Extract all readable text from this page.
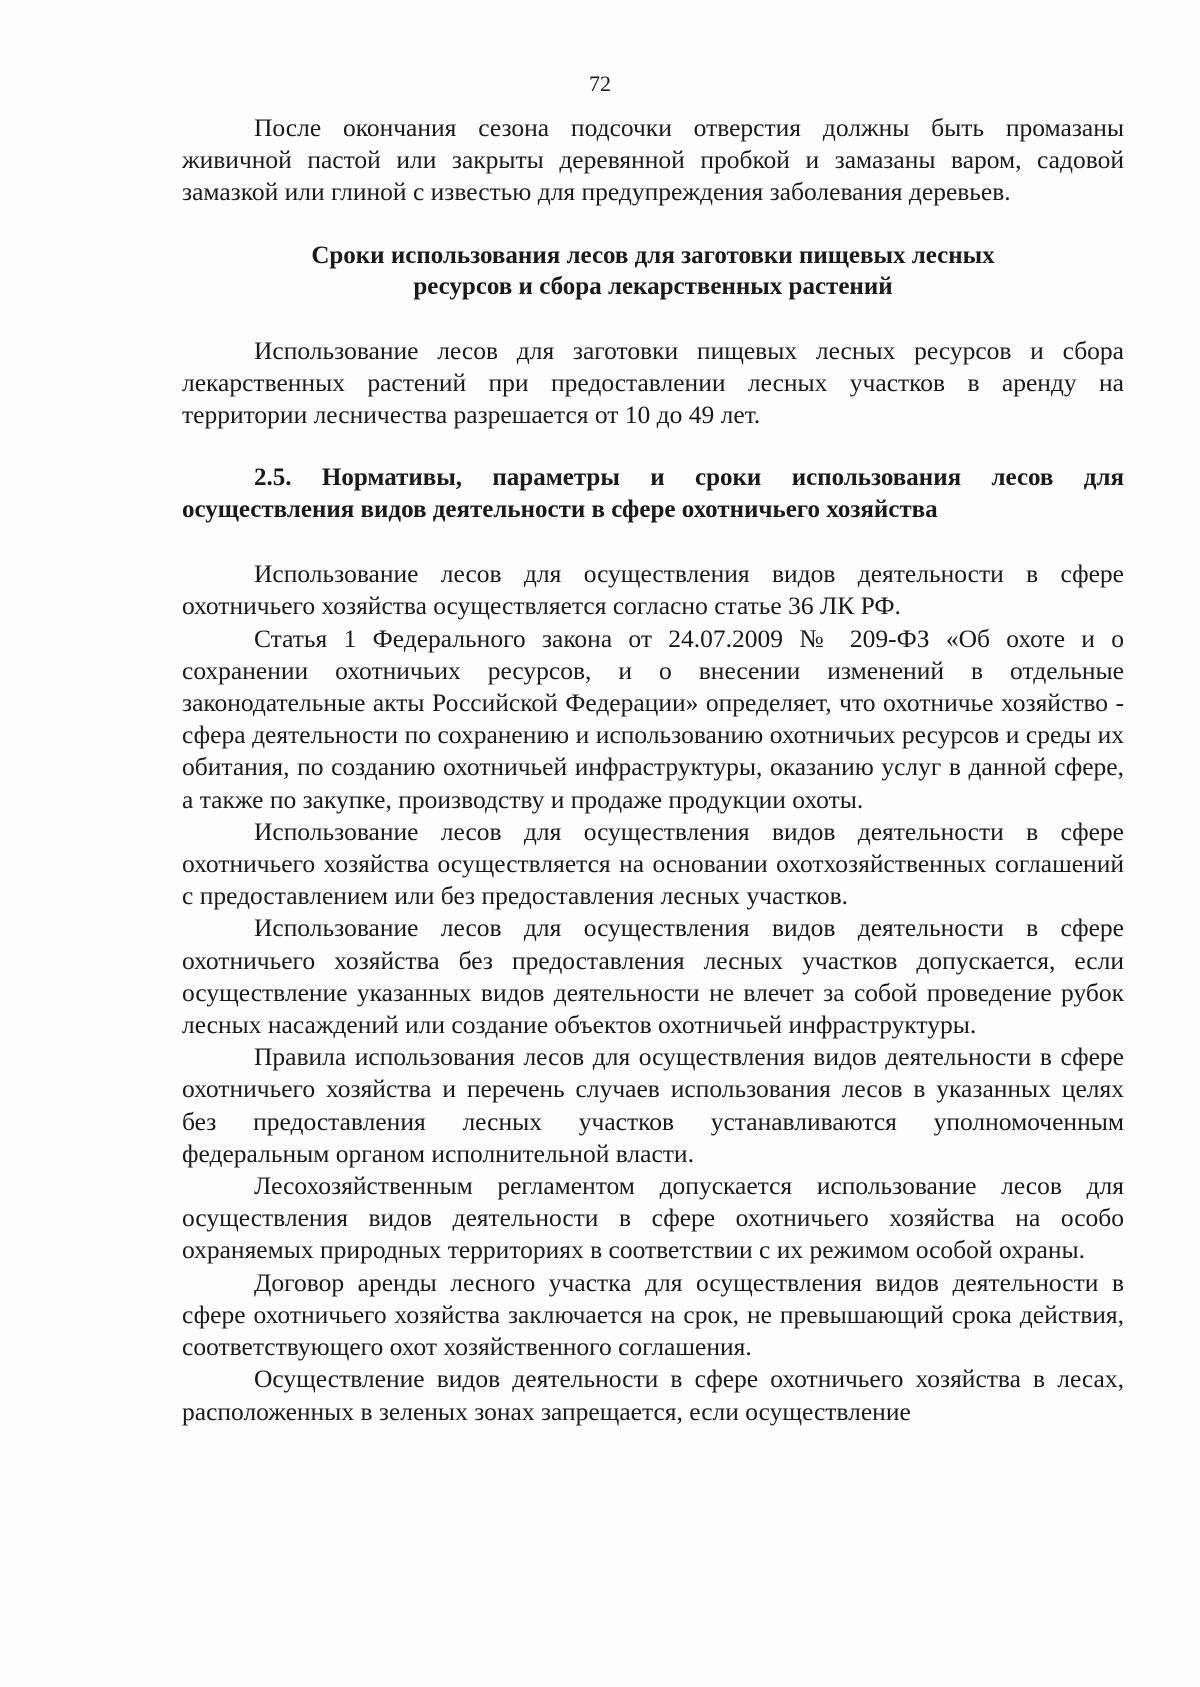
72

После окончания сезона подсочки отверстия должны быть промазаны живичной пастой или закрыты деревянной пробкой и замазаны варом, садовой замазкой или глиной с известью для предупреждения заболевания деревьев.

Сроки использования лесов для заготовки пищевых лесных

ресурсов и сбора лекарственных растений

Использование лесов для заготовки пищевых лесных ресурсов и сбора лекарственных растений при предоставлении лесных участков в аренду на территории лесничества разрешается от 10 до 49 лет.

2.5. Нормативы, параметры и сроки использования лесов для осуществления видов деятельности в сфере охотничьего хозяйства

Использование лесов для осуществления видов деятельности в сфере охотничьего хозяйства осуществляется согласно статье 36 ЛК РФ.

Статья 1 Федерального закона от 24.07.2009 № 209-ФЗ «Об охоте и о сохранении охотничьих ресурсов, и о внесении изменений в отдельные законодательные акты Российской Федерации» определяет, что охотничье хозяйство - сфера деятельности по сохранению и использованию охотничьих ресурсов и среды их обитания, по созданию охотничьей инфраструктуры, оказанию услуг в данной сфере, а также по закупке, производству и продаже продукции охоты.

Использование лесов для осуществления видов деятельности в сфере охотничьего хозяйства осуществляется на основании охотхозяйственных соглашений с предоставлением или без предоставления лесных участков.

Использование лесов для осуществления видов деятельности в сфере охотничьего хозяйства без предоставления лесных участков допускается, если осуществление указанных видов деятельности не влечет за собой проведение рубок лесных насаждений или создание объектов охотничьей инфраструктуры.

Правила использования лесов для осуществления видов деятельности в сфере охотничьего хозяйства и перечень случаев использования лесов в указанных целях без предоставления лесных участков устанавливаются уполномоченным федеральным органом исполнительной власти.

Лесохозяйственным регламентом допускается использование лесов для осуществления видов деятельности в сфере охотничьего хозяйства на особо охраняемых природных территориях в соответствии с их режимом особой охраны.

Договор аренды лесного участка для осуществления видов деятельности в сфере охотничьего хозяйства заключается на срок, не превышающий срока действия, соответствующего охот хозяйственного соглашения.

Осуществление видов деятельности в сфере охотничьего хозяйства в лесах, расположенных в зеленых зонах запрещается, если осуществление
